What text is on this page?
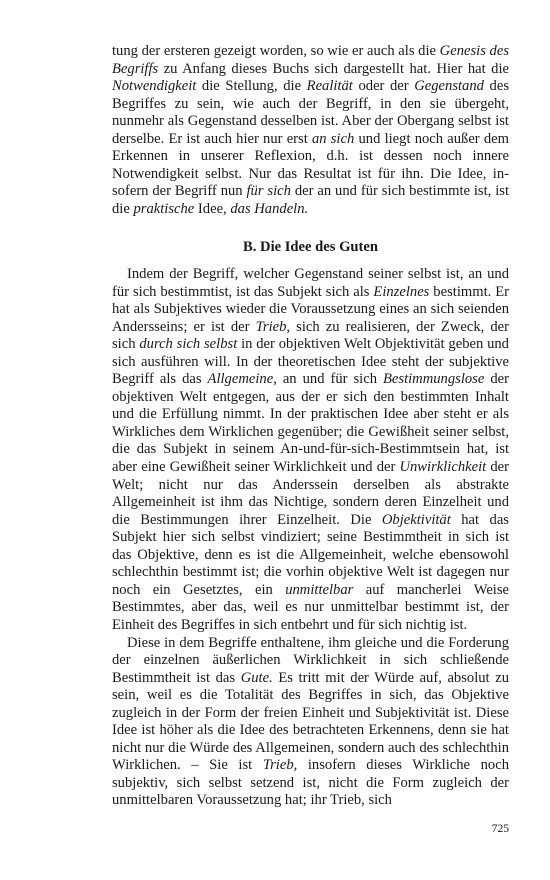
tung der ersteren gezeigt worden, so wie er auch als die Genesis des Begriffs zu Anfang dieses Buchs sich dargestellt hat. Hier hat die Notwendigkeit die Stellung, die Realität oder der Gegenstand des Begriffes zu sein, wie auch der Begriff, in den sie übergeht, nunmehr als Gegenstand desselben ist. Aber der Obergang selbst ist derselbe. Er ist auch hier nur erst an sich und liegt noch außer dem Erkennen in unserer Reflexion, d.h. ist dessen noch innere Notwendigkeit selbst. Nur das Resultat ist für ihn. Die Idee, insofern der Begriff nun für sich der an und für sich bestimmte ist, ist die praktische Idee, das Handeln.

B. Die Idee des Guten

Indem der Begriff, welcher Gegenstand seiner selbst ist, an und für sich bestimmtist, ist das Subjekt sich als Einzelnes bestimmt. Er hat als Subjektives wieder die Voraussetzung eines an sich seienden Andersseins; er ist der Trieb, sich zu realisieren, der Zweck, der sich durch sich selbst in der objektiven Welt Objektivität geben und sich ausführen will. In der theoretischen Idee steht der subjektive Begriff als das Allgemeine, an und für sich Bestimmungslose der objektiven Welt entgegen, aus der er sich den bestimmten Inhalt und die Erfüllung nimmt. In der praktischen Idee aber steht er als Wirkliches dem Wirklichen gegenüber; die Gewißheit seiner selbst, die das Subjekt in seinem An-und-für-sich-Bestimmtsein hat, ist aber eine Gewißheit seiner Wirklichkeit und der Unwirklichkeit der Welt; nicht nur das Anderssein derselben als abstrakte Allgemeinheit ist ihm das Nichtige, sondern deren Einzelheit und die Bestimmungen ihrer Einzelheit. Die Objektivität hat das Subjekt hier sich selbst vindiziert; seine Bestimmtheit in sich ist das Objektive, denn es ist die Allgemeinheit, welche ebensowohl schlechthin bestimmt ist; die vorhin objektive Welt ist dagegen nur noch ein Gesetztes, ein unmittelbar auf mancherlei Weise Bestimmtes, aber das, weil es nur unmittelbar bestimmt ist, der Einheit des Begriffes in sich entbehrt und für sich nichtig ist.

Diese in dem Begriffe enthaltene, ihm gleiche und die Forderung der einzelnen äußerlichen Wirklichkeit in sich schließende Bestimmtheit ist das Gute. Es tritt mit der Würde auf, absolut zu sein, weil es die Totalität des Begriffes in sich, das Objektive zugleich in der Form der freien Einheit und Subjektivität ist. Diese Idee ist höher als die Idee des betrachteten Erkennens, denn sie hat nicht nur die Würde des Allgemeinen, sondern auch des schlechthin Wirklichen. – Sie ist Trieb, insofern dieses Wirkliche noch subjektiv, sich selbst setzend ist, nicht die Form zugleich der unmittelbaren Voraussetzung hat; ihr Trieb, sich

725
